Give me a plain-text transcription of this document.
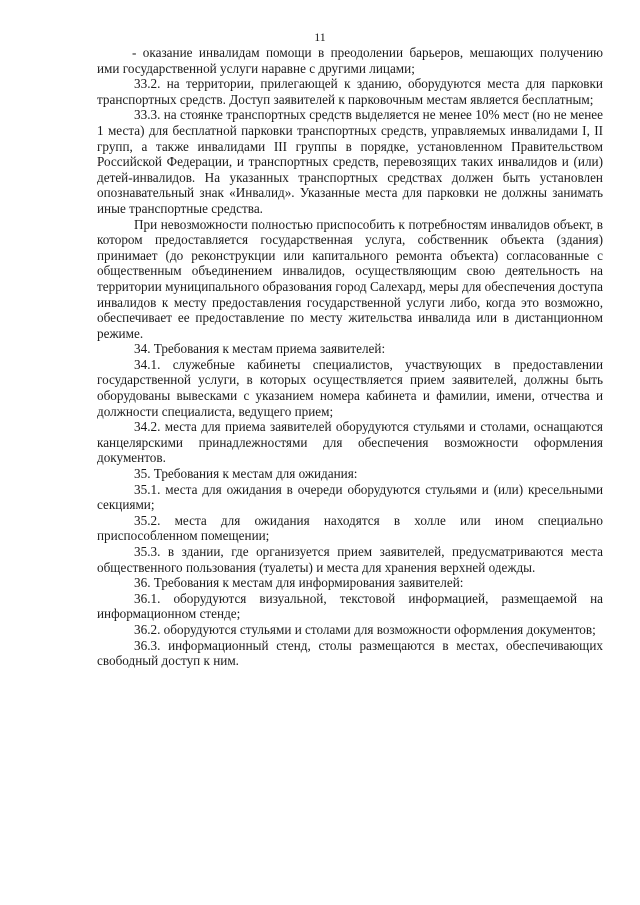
11

- оказание инвалидам помощи в преодолении барьеров, мешающих получению ими государственной услуги наравне с другими лицами;

33.2. на территории, прилегающей к зданию, оборудуются места для парковки транспортных средств. Доступ заявителей к парковочным местам является бесплатным;

33.3. на стоянке транспортных средств выделяется не менее 10% мест (но не менее 1 места) для бесплатной парковки транспортных средств, управляемых инвалидами I, II групп, а также инвалидами III группы в порядке, установленном Правительством Российской Федерации, и транспортных средств, перевозящих таких инвалидов и (или) детей-инвалидов. На указанных транспортных средствах должен быть установлен опознавательный знак «Инвалид». Указанные места для парковки не должны занимать иные транспортные средства.

При невозможности полностью приспособить к потребностям инвалидов объект, в котором предоставляется государственная услуга, собственник объекта (здания) принимает (до реконструкции или капитального ремонта объекта) согласованные с общественным объединением инвалидов, осуществляющим свою деятельность на территории муниципального образования город Салехард, меры для обеспечения доступа инвалидов к месту предоставления государственной услуги либо, когда это возможно, обеспечивает ее предоставление по месту жительства инвалида или в дистанционном режиме.

34. Требования к местам приема заявителей:

34.1. служебные кабинеты специалистов, участвующих в предоставлении государственной услуги, в которых осуществляется прием заявителей, должны быть оборудованы вывесками с указанием номера кабинета и фамилии, имени, отчества и должности специалиста, ведущего прием;

34.2. места для приема заявителей оборудуются стульями и столами, оснащаются канцелярскими принадлежностями для обеспечения возможности оформления документов.

35. Требования к местам для ожидания:

35.1. места для ожидания в очереди оборудуются стульями и (или) кресельными секциями;

35.2. места для ожидания находятся в холле или ином специально приспособленном помещении;

35.3. в здании, где организуется прием заявителей, предусматриваются места общественного пользования (туалеты) и места для хранения верхней одежды.

36. Требования к местам для информирования заявителей:

36.1. оборудуются визуальной, текстовой информацией, размещаемой на информационном стенде;

36.2. оборудуются стульями и столами для возможности оформления документов;

36.3. информационный стенд, столы размещаются в местах, обеспечивающих свободный доступ к ним.
